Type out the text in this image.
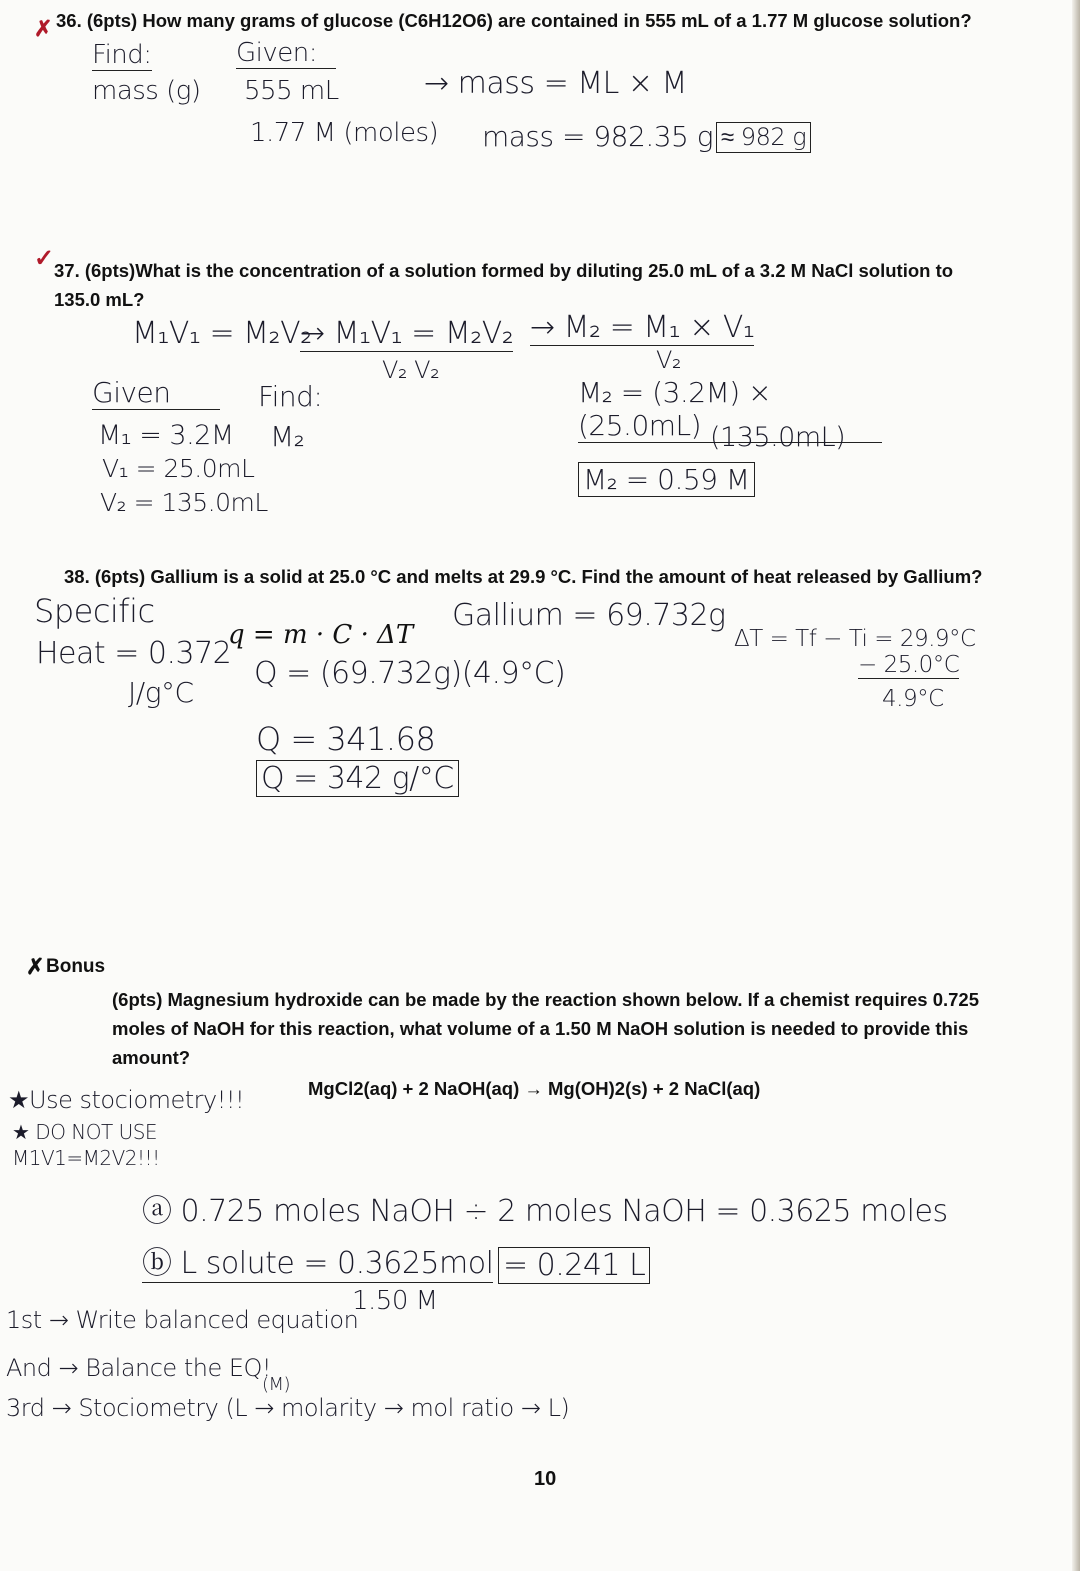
✗ 36. (6pts) How many grams of glucose (C6H12O6) are contained in 555 mL of a 1.77 M glucose solution?
Find:
mass (g)
Given:
555 mL
1.77 M (moles)
→ mass = ML × M
mass = 982.35 g ≈ 982 g
✓ 37. (6pts)What is the concentration of a solution formed by diluting 25.0 mL of a 3.2 M NaCl solution to 135.0 mL?
M₁V₁ = M₂V₂
→ M₁V₁ = M₂V₂
V₂ V₂
→ M₂ = M₁ × V₁
V₂
Given	Find:
M₂
M₁ = 3.2M
V₁ = 25.0mL
V₂ = 135.0mL
M₂ = (3.2M) × (25.0mL) (135.0mL)
M₂ = 0.59 M
38. (6pts) Gallium is a solid at 25.0 °C and melts at 29.9 °C. Find the amount of heat released by Gallium?
Specific
Heat = 0.372
J/g°C
q = m · C · ΔT
Gallium = 69.732g
Q = (69.732g)(4.9°C)
Q = 341.68
Q = 342 g/°C
ΔT = Tf − Ti = 29.9°C
− 25.0°C
4.9°C
✗ Bonus
(6pts) Magnesium hydroxide can be made by the reaction shown below. If a chemist requires 0.725 moles of NaOH for this reaction, what volume of a 1.50 M NaOH solution is needed to provide this amount?
MgCl2(aq) + 2 NaOH(aq) → Mg(OH)2(s) + 2 NaCl(aq)
★Use stociometry!!!
★ DO NOT USE
M1V1=M2V2!!!
ⓐ 0.725 moles NaOH ÷ 2 moles NaOH = 0.3625 moles
ⓑ L solute = 0.3625mol
1.50 M
= 0.241 L
1st → Write balanced equation
And → Balance the EQ!
(M)
3rd → Stociometry (L → molarity → mol ratio → L)
10
